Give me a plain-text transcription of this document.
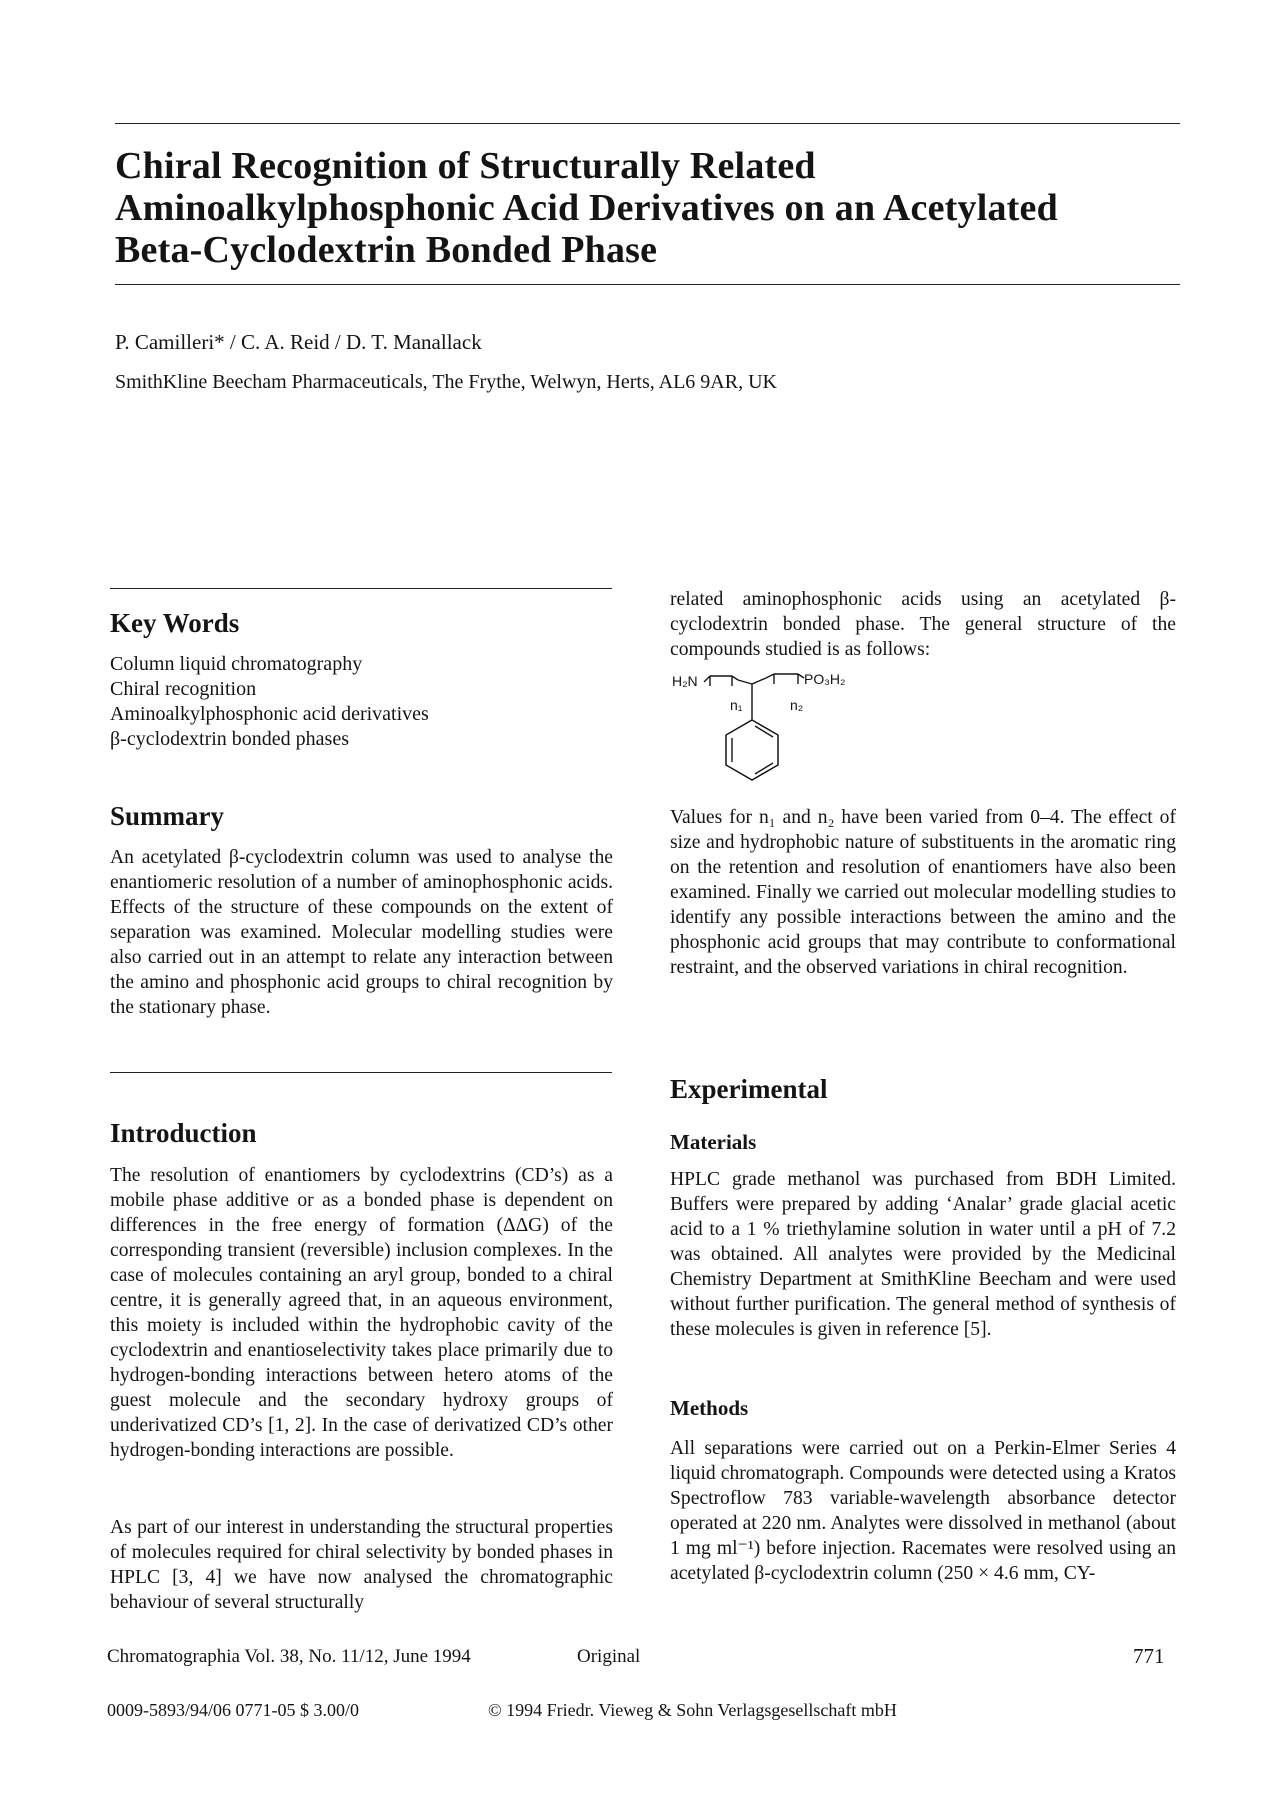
Chiral Recognition of Structurally Related
Aminoalkylphosphonic Acid Derivatives on an Acetylated
Beta-Cyclodextrin Bonded Phase
P. Camilleri* / C. A. Reid / D. T. Manallack
SmithKline Beecham Pharmaceuticals, The Frythe, Welwyn, Herts, AL6 9AR, UK
Key Words
Column liquid chromatography
Chiral recognition
Aminoalkylphosphonic acid derivatives
β-cyclodextrin bonded phases
Summary

An acetylated β-cyclodextrin column was used to analyse the enantiomeric resolution of a number of aminophosphonic acids. Effects of the structure of these compounds on the extent of separation was examined. Molecular modelling studies were also carried out in an attempt to relate any interaction between the amino and phosphonic acid groups to chiral recognition by the stationary phase.

Introduction

The resolution of enantiomers by cyclodextrins (CD’s) as a mobile phase additive or as a bonded phase is dependent on differences in the free energy of formation (ΔΔG) of the corresponding transient (reversible) inclusion complexes. In the case of molecules containing an aryl group, bonded to a chiral centre, it is generally agreed that, in an aqueous environment, this moiety is included within the hydrophobic cavity of the cyclodextrin and enantioselectivity takes place primarily due to hydrogen-bonding interactions between hetero atoms of the guest molecule and the secondary hydroxy groups of underivatized CD’s [1, 2]. In the case of derivatized CD’s other hydrogen-bonding interactions are possible.

As part of our interest in understanding the structural properties of molecules required for chiral selectivity by bonded phases in HPLC [3, 4] we have now analysed the chromatographic behaviour of several structurally

related aminophosphonic acids using an acetylated β-cyclodextrin bonded phase. The general structure of the compounds studied is as follows:

H₂N	PO₃H₂
n₁	n₂

Values for n₁ and n₂ have been varied from 0–4. The effect of size and hydrophobic nature of substituents in the aromatic ring on the retention and resolution of enantiomers have also been examined. Finally we carried out molecular modelling studies to identify any possible interactions between the amino and the phosphonic acid groups that may contribute to conformational restraint, and the observed variations in chiral recognition.

Experimental
Materials

HPLC grade methanol was purchased from BDH Limited. Buffers were prepared by adding ‘Analar’ grade glacial acetic acid to a 1 % triethylamine solution in water until a pH of 7.2 was obtained. All analytes were provided by the Medicinal Chemistry Department at SmithKline Beecham and were used without further purification. The general method of synthesis of these molecules is given in reference [5].

Methods

All separations were carried out on a Perkin-Elmer Series 4 liquid chromatograph. Compounds were detected using a Kratos Spectroflow 783 variable-wavelength absorbance detector operated at 220 nm. Analytes were dissolved in methanol (about 1 mg ml⁻¹) before injection. Racemates were resolved using an acetylated β-cyclodextrin column (250 × 4.6 mm, CY-

Chromatographia Vol. 38, No. 11/12, June 1994	Original	771
0009-5893/94/06 0771-05 $ 3.00/0	© 1994 Friedr. Vieweg & Sohn Verlagsgesellschaft mbH
